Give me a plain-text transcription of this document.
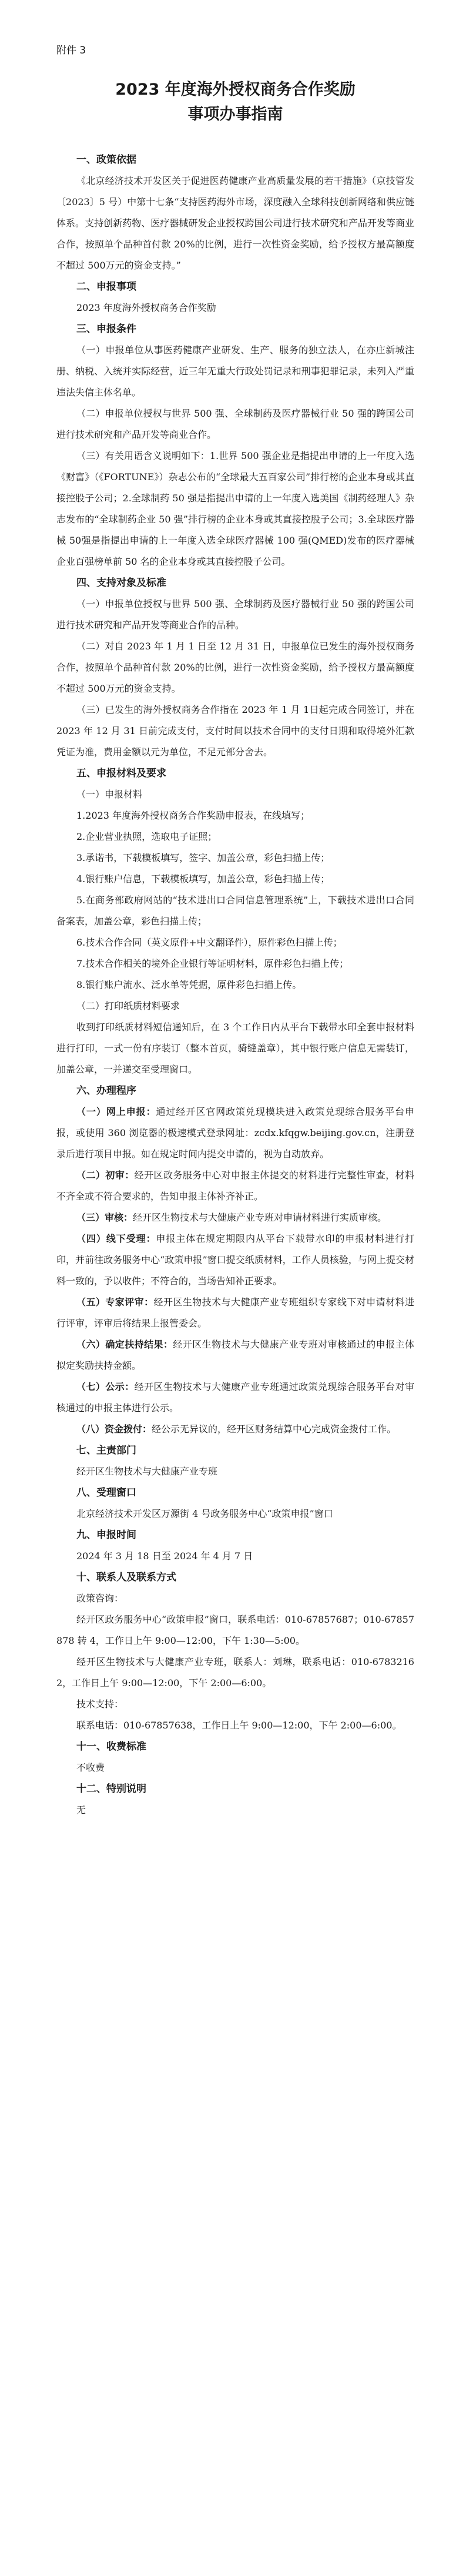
附件 3
2023 年度海外授权商务合作奖励
事项办事指南
一、政策依据
《北京经济技术开发区关于促进医药健康产业高质量发展的若干措施》（京技管发〔2023〕5 号）中第十七条“支持医药海外市场，深度融入全球科技创新网络和供应链体系。支持创新药物、医疗器械研发企业授权跨国公司进行技术研究和产品开发等商业合作，按照单个品种首付款 20%的比例，进行一次性资金奖励，给予授权方最高额度不超过 500万元的资金支持。”
二、申报事项
2023 年度海外授权商务合作奖励
三、申报条件
（一）申报单位从事医药健康产业研发、生产、服务的独立法人，在亦庄新城注册、纳税、入统并实际经营，近三年无重大行政处罚记录和刑事犯罪记录，未列入严重违法失信主体名单。
（二）申报单位授权与世界 500 强、全球制药及医疗器械行业 50 强的跨国公司进行技术研究和产品开发等商业合作。
（三）有关用语含义说明如下：1.世界 500 强企业是指提出申请的上一年度入选《财富》（《FORTUNE》）杂志公布的“全球最大五百家公司”排行榜的企业本身或其直接控股子公司；2.全球制药 50 强是指提出申请的上一年度入选美国《制药经理人》杂志发布的“全球制药企业 50 强”排行榜的企业本身或其直接控股子公司；3.全球医疗器械 50强是指提出申请的上一年度入选全球医疗器械 100 强(QMED)发布的医疗器械企业百强榜单前 50 名的企业本身或其直接控股子公司。
四、支持对象及标准
（一）申报单位授权与世界 500 强、全球制药及医疗器械行业 50 强的跨国公司进行技术研究和产品开发等商业合作的品种。
（二）对自 2023 年 1 月 1 日至 12 月 31 日，申报单位已发生的海外授权商务合作，按照单个品种首付款 20%的比例，进行一次性资金奖励，给予授权方最高额度不超过 500万元的资金支持。
（三）已发生的海外授权商务合作指在 2023 年 1 月 1日起完成合同签订，并在 2023 年 12 月 31 日前完成支付，支付时间以技术合同中的支付日期和取得境外汇款凭证为准，费用金额以元为单位，不足元部分舍去。
五、申报材料及要求
（一）申报材料
1.2023 年度海外授权商务合作奖励申报表，在线填写；
2.企业营业执照，选取电子证照；
3.承诺书，下载模板填写，签字、加盖公章，彩色扫描上传；
4.银行账户信息，下载模板填写，加盖公章，彩色扫描上传；
5.在商务部政府网站的“技术进出口合同信息管理系统”上，下载技术进出口合同备案表，加盖公章，彩色扫描上传；
6.技术合作合同（英文原件+中文翻译件），原件彩色扫描上传；
7.技术合作相关的境外企业银行等证明材料，原件彩色扫描上传；
8.银行账户流水、泛水单等凭据，原件彩色扫描上传。
（二）打印纸质材料要求
收到打印纸质材料短信通知后，在 3 个工作日内从平台下载带水印全套申报材料进行打印，一式一份有序装订（整本首页，骑缝盖章），其中银行账户信息无需装订，加盖公章，一并递交至受理窗口。
六、办理程序
（一）网上申报：通过经开区官网政策兑现模块进入政策兑现综合服务平台申报，或使用 360 浏览器的极速模式登录网址：zcdx.kfqgw.beijing.gov.cn，注册登录后进行项目申报。如在规定时间内提交申请的，视为自动放弃。
（二）初审：经开区政务服务中心对申报主体提交的材料进行完整性审查，材料不齐全或不符合要求的，告知申报主体补齐补正。
（三）审核：经开区生物技术与大健康产业专班对申请材料进行实质审核。
（四）线下受理：申报主体在规定期限内从平台下载带水印的申报材料进行打印，并前往政务服务中心“政策申报”窗口提交纸质材料，工作人员核验，与网上提交材料一致的，予以收件；不符合的，当场告知补正要求。
（五）专家评审：经开区生物技术与大健康产业专班组织专家线下对申请材料进行评审，评审后将结果上报管委会。
（六）确定扶持结果：经开区生物技术与大健康产业专班对审核通过的申报主体拟定奖励扶持金额。
（七）公示：经开区生物技术与大健康产业专班通过政策兑现综合服务平台对审核通过的申报主体进行公示。
（八）资金拨付：经公示无异议的，经开区财务结算中心完成资金拨付工作。
七、主责部门
经开区生物技术与大健康产业专班
八、受理窗口
北京经济技术开发区万源街 4 号政务服务中心“政策申报”窗口
九、申报时间
2024 年 3 月 18 日至 2024 年 4 月 7 日
十、联系人及联系方式
政策咨询：
经开区政务服务中心“政策申报”窗口，联系电话：010-67857687；010-67857878 转 4，工作日上午 9:00—12:00，下午 1:30—5:00。
经开区生物技术与大健康产业专班，联系人：刘琳，联系电话：010-67832162，工作日上午 9:00—12:00，下午 2:00—6:00。
技术支持：
联系电话：010-67857638，工作日上午 9:00—12:00，下午 2:00—6:00。
十一、收费标准
不收费
十二、特别说明
无
